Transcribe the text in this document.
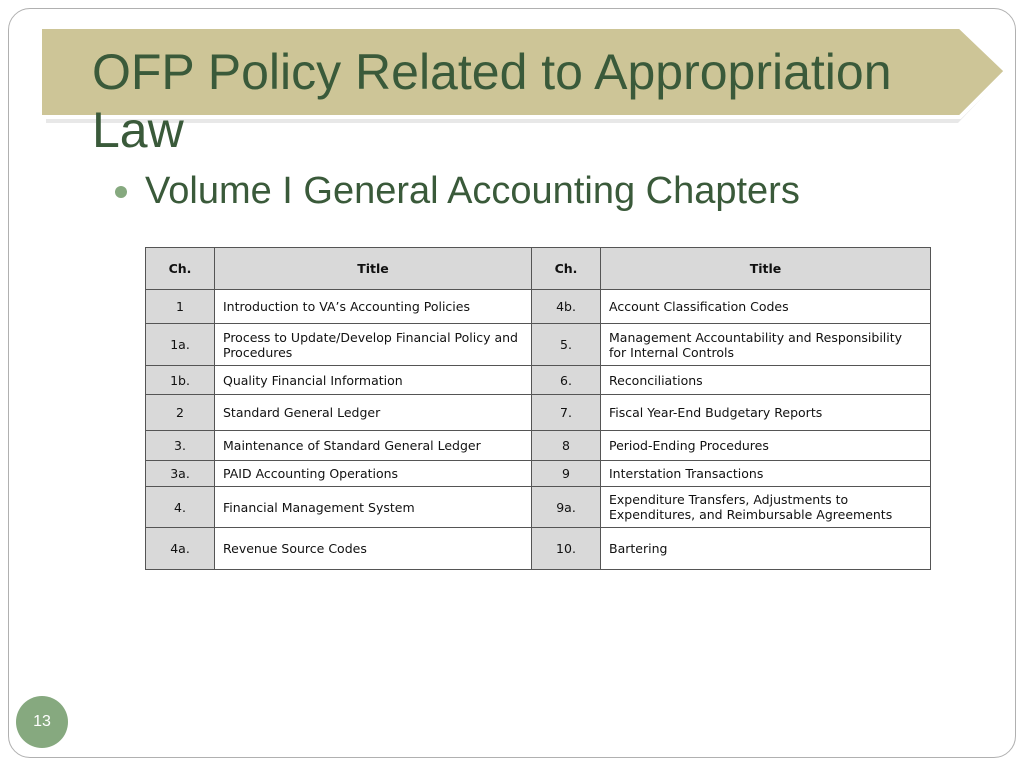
OFP Policy Related to Appropriation Law
Volume I General Accounting Chapters
Ch.	Title	Ch.	Title
1	Introduction to VA’s Accounting Policies	4b.	Account Classification Codes
1a.	Process to Update/Develop Financial Policy and Procedures	5.	Management Accountability and Responsibility for Internal Controls
1b.	Quality Financial Information	6.	Reconciliations
2	Standard General Ledger	7.	Fiscal Year-End Budgetary Reports
3.	Maintenance of Standard General Ledger	8	Period-Ending Procedures
3a.	PAID Accounting Operations	9	Interstation Transactions
4.	Financial Management System	9a.	Expenditure Transfers, Adjustments to Expenditures, and Reimbursable Agreements
4a.	Revenue Source Codes	10.	Bartering
13
